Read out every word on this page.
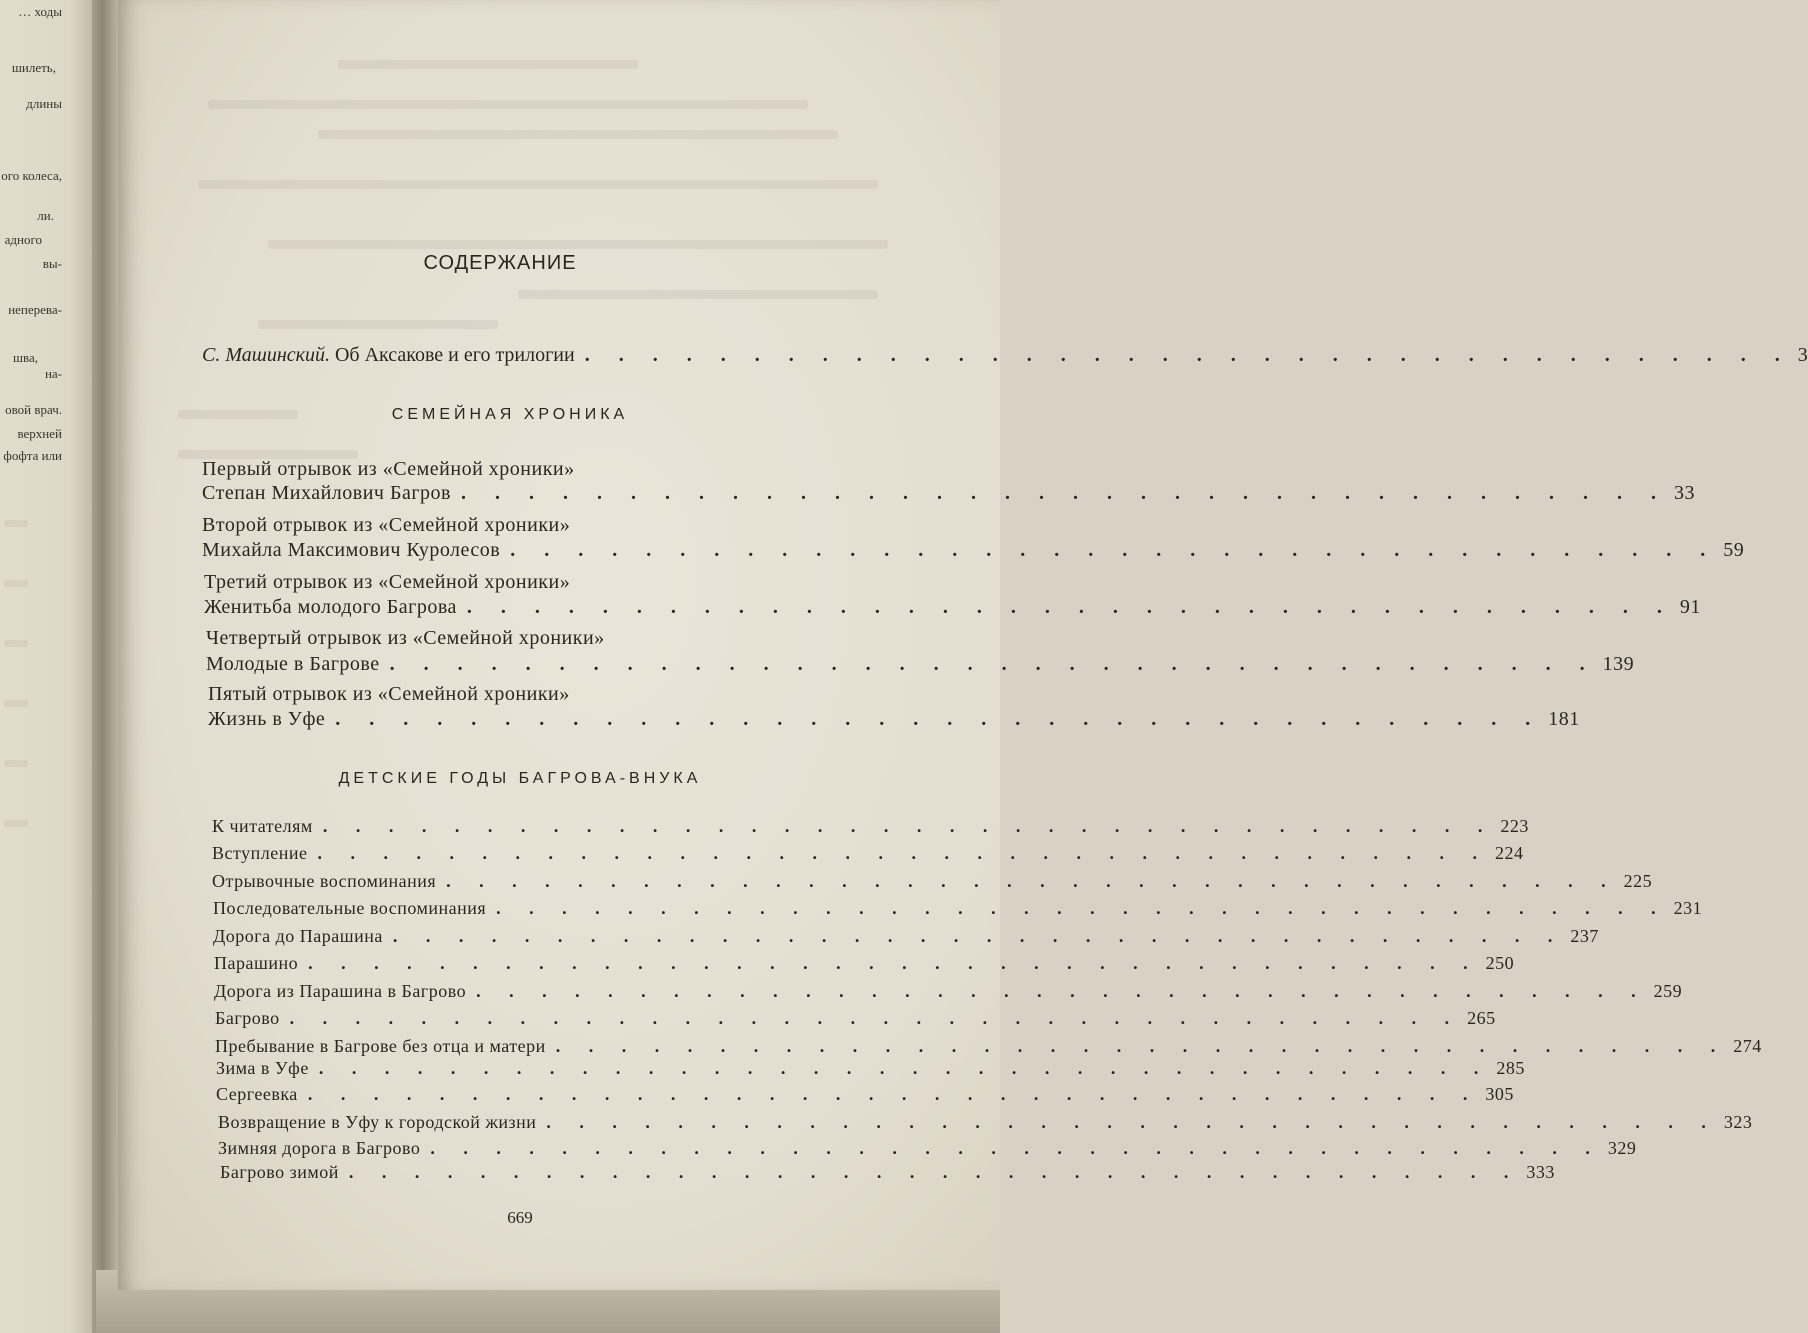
… ходы
шилеть,
длины
ого колеса,
ли.
адного
вы-
неперева-
шва,
на-
овой врач.
верхней
фофта или
СОДЕРЖАНИЕ
С. Машинский. Об Аксакове и его трилогии . . . . . . . . . . . . . . . . . . . . . . . . . . . . . . . . . . . . 3
СЕМЕЙНАЯ ХРОНИКА
Первый отрывок из «Семейной хроники»
Степан Михайлович Багров . . . . . . . . . . . . . . . . . . . . . . . . . . . . . . . . . . . . 33
Второй отрывок из «Семейной хроники»
Михайла Максимович Куролесов . . . . . . . . . . . . . . . . . . . . . . . . . . . . . . . . . . . . 59
Третий отрывок из «Семейной хроники»
Женитьба молодого Багрова . . . . . . . . . . . . . . . . . . . . . . . . . . . . . . . . . . . . 91
Четвертый отрывок из «Семейной хроники»
Молодые в Багрове . . . . . . . . . . . . . . . . . . . . . . . . . . . . . . . . . . . . 139
Пятый отрывок из «Семейной хроники»
Жизнь в Уфе . . . . . . . . . . . . . . . . . . . . . . . . . . . . . . . . . . . . 181
ДЕТСКИЕ ГОДЫ БАГРОВА-ВНУКА
К читателям . . . . . . . . . . . . . . . . . . . . . . . . . . . . . . . . . . . . 223
Вступление . . . . . . . . . . . . . . . . . . . . . . . . . . . . . . . . . . . . 224
Отрывочные воспоминания . . . . . . . . . . . . . . . . . . . . . . . . . . . . . . . . . . . . 225
Последовательные воспоминания . . . . . . . . . . . . . . . . . . . . . . . . . . . . . . . . . . . . 231
Дорога до Парашина . . . . . . . . . . . . . . . . . . . . . . . . . . . . . . . . . . . . 237
Парашино . . . . . . . . . . . . . . . . . . . . . . . . . . . . . . . . . . . . 250
Дорога из Парашина в Багрово . . . . . . . . . . . . . . . . . . . . . . . . . . . . . . . . . . . . 259
Багрово . . . . . . . . . . . . . . . . . . . . . . . . . . . . . . . . . . . . 265
Пребывание в Багрове без отца и матери . . . . . . . . . . . . . . . . . . . . . . . . . . . . . . . . . . . . 274
Зима в Уфе . . . . . . . . . . . . . . . . . . . . . . . . . . . . . . . . . . . . 285
Сергеевка . . . . . . . . . . . . . . . . . . . . . . . . . . . . . . . . . . . . 305
Возвращение в Уфу к городской жизни . . . . . . . . . . . . . . . . . . . . . . . . . . . . . . . . . . . . 323
Зимняя дорога в Багрово . . . . . . . . . . . . . . . . . . . . . . . . . . . . . . . . . . . . 329
Багрово зимой . . . . . . . . . . . . . . . . . . . . . . . . . . . . . . . . . . . . 333
669
